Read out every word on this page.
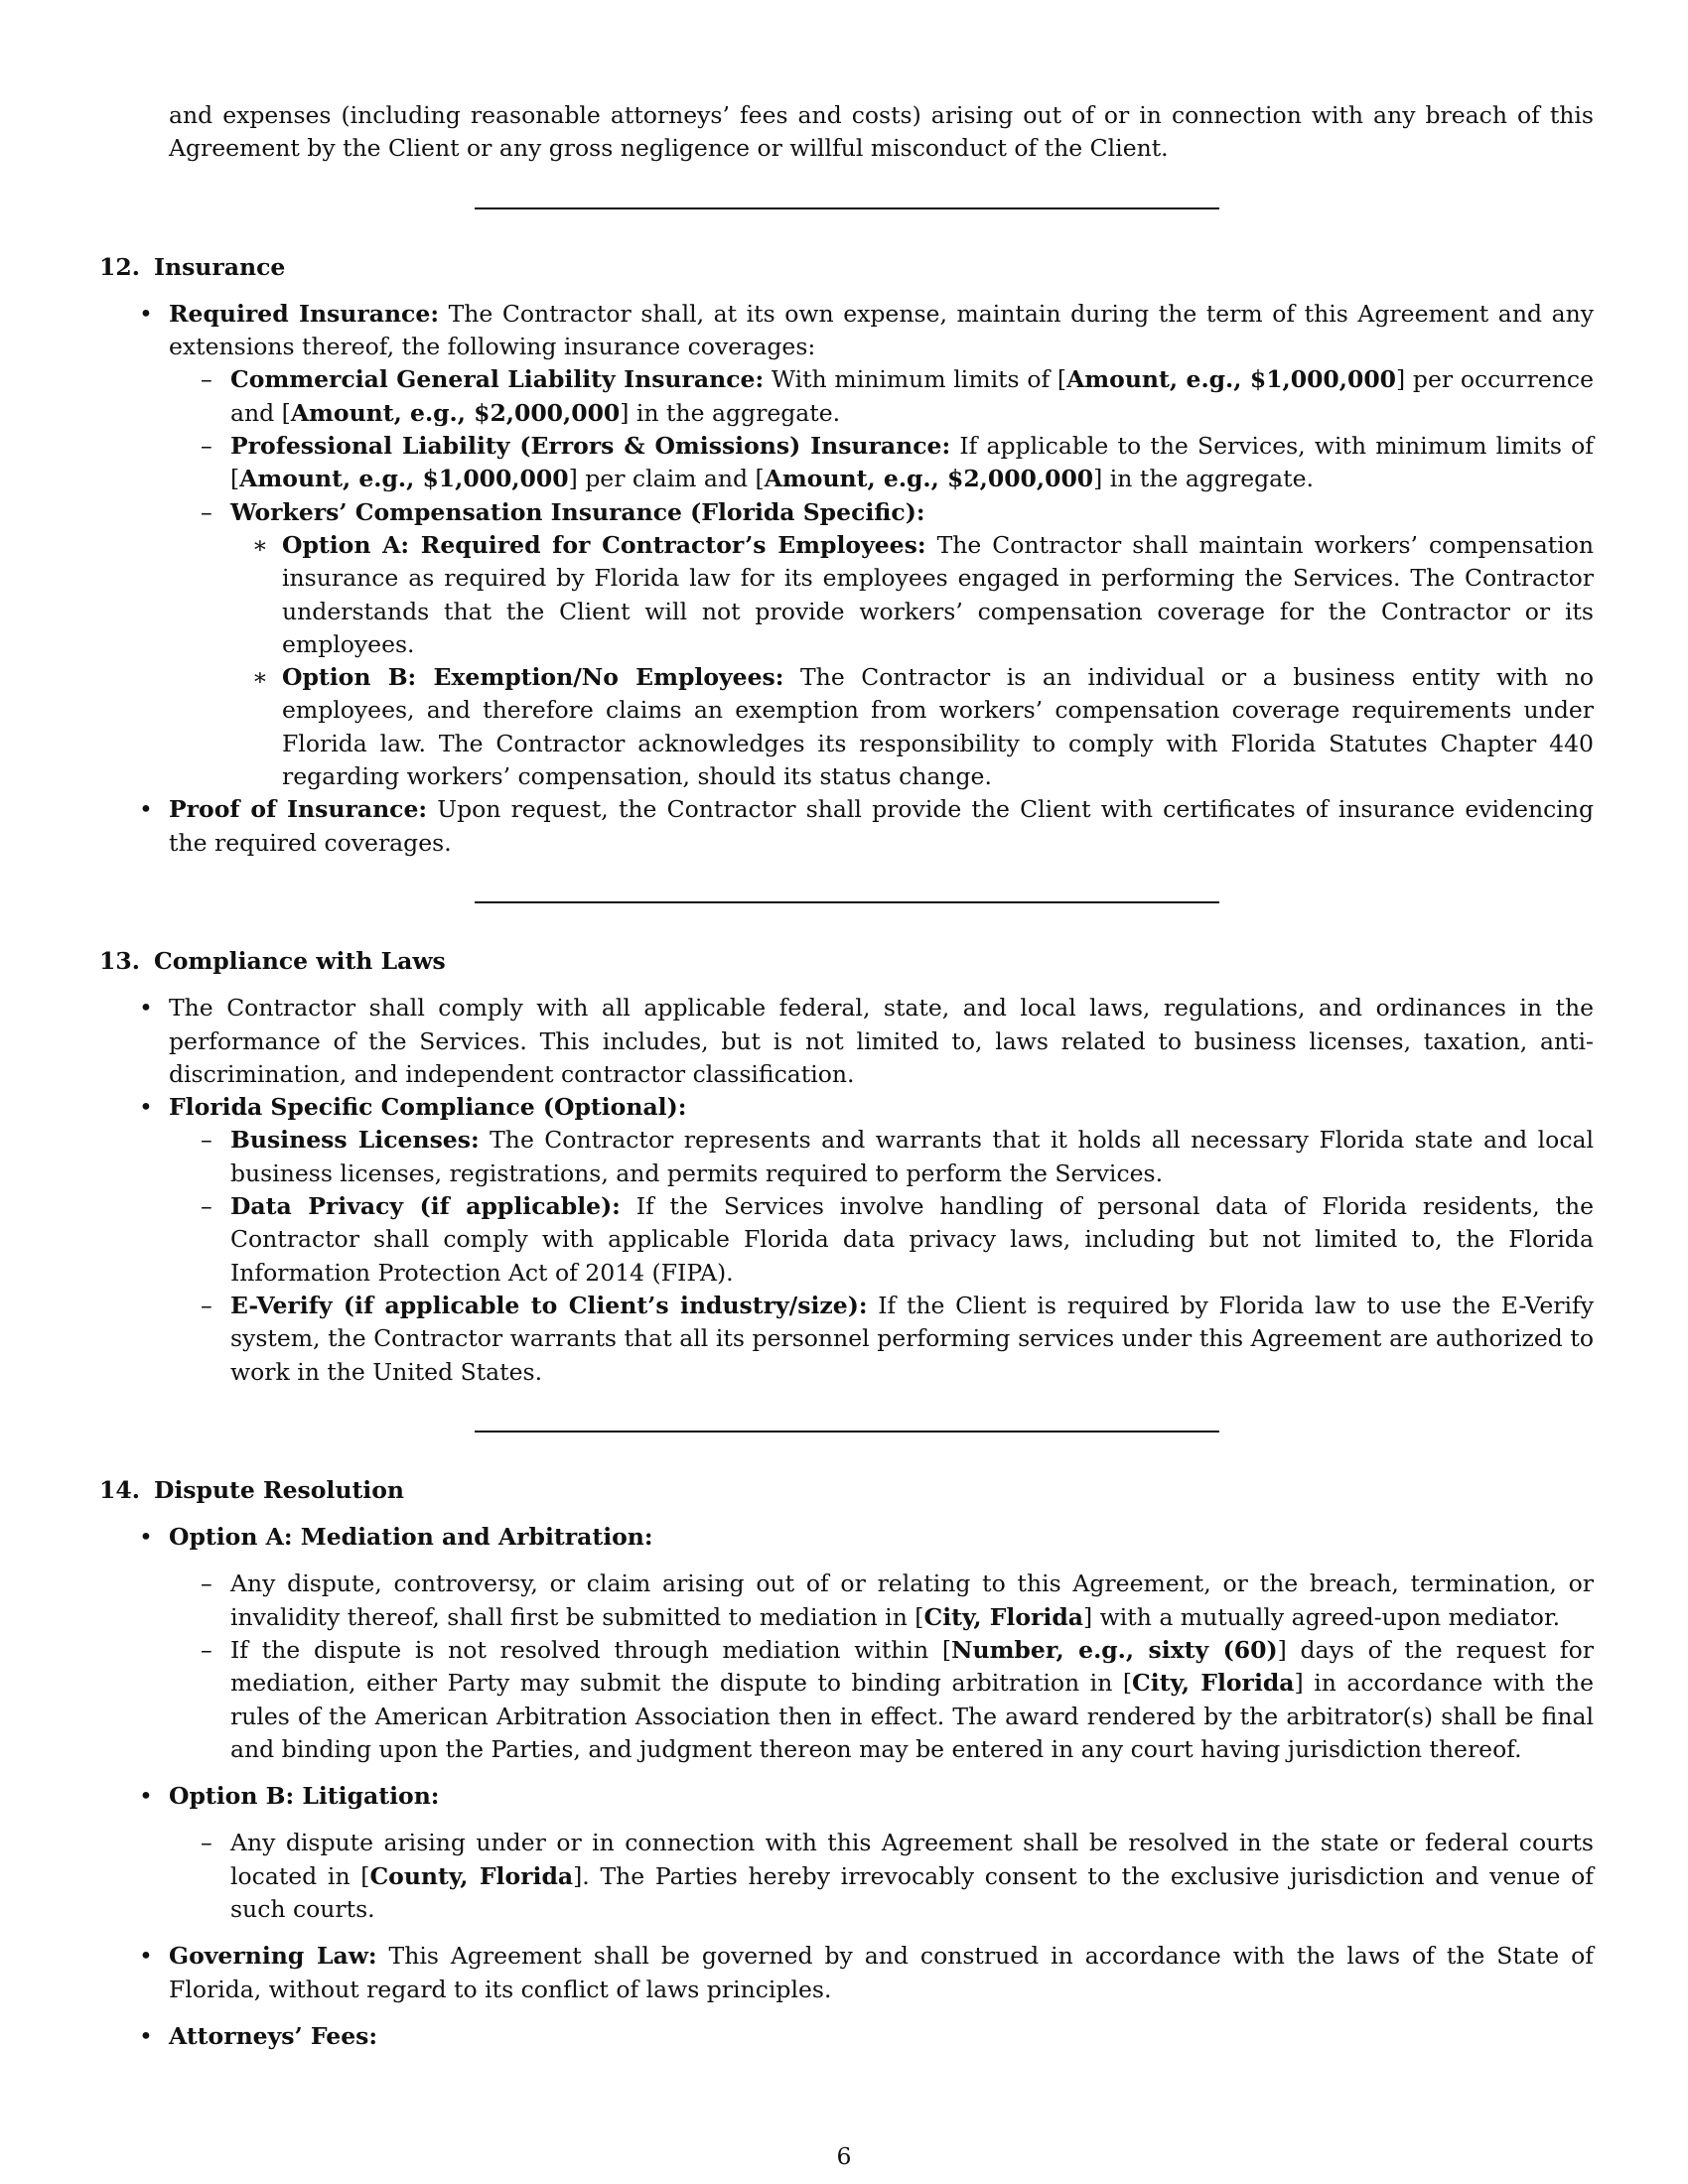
and expenses (including reasonable attorneys’ fees and costs) arising out of or in connection with any breach of this Agreement by the Client or any gross negligence or willful misconduct of the Client.

12. Insurance
• Required Insurance: The Contractor shall, at its own expense, maintain during the term of this Agreement and any extensions thereof, the following insurance coverages:
– Commercial General Liability Insurance: With minimum limits of [Amount, e.g., $1,000,000] per occurrence and [Amount, e.g., $2,000,000] in the aggregate.
– Professional Liability (Errors & Omissions) Insurance: If applicable to the Services, with minimum limits of [Amount, e.g., $1,000,000] per claim and [Amount, e.g., $2,000,000] in the aggregate.
– Workers’ Compensation Insurance (Florida Specific):
∗ Option A: Required for Contractor’s Employees: The Contractor shall maintain workers’ compensation insurance as required by Florida law for its employees engaged in performing the Services. The Contractor understands that the Client will not provide workers’ compensation coverage for the Contractor or its employees.
∗ Option B: Exemption/No Employees: The Contractor is an individual or a business entity with no employees, and therefore claims an exemption from workers’ compensation coverage requirements under Florida law. The Contractor acknowledges its responsibility to comply with Florida Statutes Chapter 440 regarding workers’ compensation, should its status change.
• Proof of Insurance: Upon request, the Contractor shall provide the Client with certificates of insurance evidencing the required coverages.
13. Compliance with Laws
• The Contractor shall comply with all applicable federal, state, and local laws, regulations, and ordinances in the performance of the Services. This includes, but is not limited to, laws related to business licenses, taxation, anti-discrimination, and independent contractor classification.
• Florida Specific Compliance (Optional):
– Business Licenses: The Contractor represents and warrants that it holds all necessary Florida state and local business licenses, registrations, and permits required to perform the Services.
– Data Privacy (if applicable): If the Services involve handling of personal data of Florida residents, the Contractor shall comply with applicable Florida data privacy laws, including but not limited to, the Florida Information Protection Act of 2014 (FIPA).
– E-Verify (if applicable to Client’s industry/size): If the Client is required by Florida law to use the E-Verify system, the Contractor warrants that all its personnel performing services under this Agreement are authorized to work in the United States.
14. Dispute Resolution
• Option A: Mediation and Arbitration:
– Any dispute, controversy, or claim arising out of or relating to this Agreement, or the breach, termination, or invalidity thereof, shall first be submitted to mediation in [City, Florida] with a mutually agreed-upon mediator.
– If the dispute is not resolved through mediation within [Number, e.g., sixty (60)] days of the request for mediation, either Party may submit the dispute to binding arbitration in [City, Florida] in accordance with the rules of the American Arbitration Association then in effect. The award rendered by the arbitrator(s) shall be final and binding upon the Parties, and judgment thereon may be entered in any court having jurisdiction thereof.
• Option B: Litigation:
– Any dispute arising under or in connection with this Agreement shall be resolved in the state or federal courts located in [County, Florida]. The Parties hereby irrevocably consent to the exclusive jurisdiction and venue of such courts.
• Governing Law: This Agreement shall be governed by and construed in accordance with the laws of the State of Florida, without regard to its conflict of laws principles.
• Attorneys’ Fees:
6
